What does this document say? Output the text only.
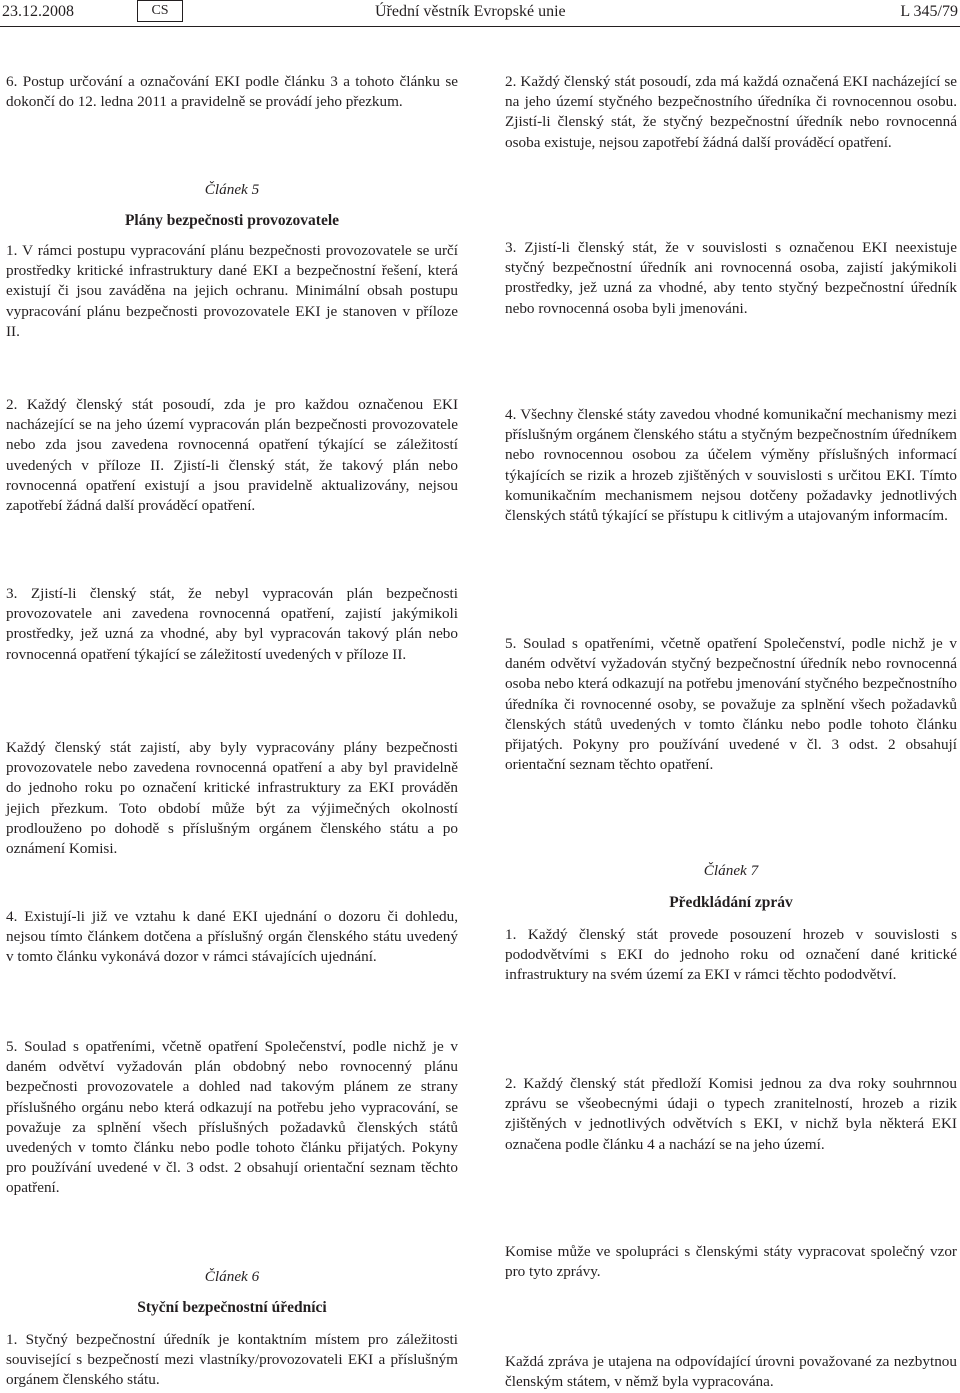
23.12.2008	CS	Úřední věstník Evropské unie	L 345/79

6. Postup určování a označování EKI podle článku 3 a tohoto článku se dokončí do 12. ledna 2011 a pravidelně se provádí jeho přezkum.

Článek 5

Plány bezpečnosti provozovatele

1. V rámci postupu vypracování plánu bezpečnosti provozovatele se určí prostředky kritické infrastruktury dané EKI a bezpečnostní řešení, která existují či jsou zaváděna na jejich ochranu. Minimální obsah postupu vypracování plánu bezpečnosti provozovatele EKI je stanoven v příloze II.

2. Každý členský stát posoudí, zda je pro každou označenou EKI nacházející se na jeho území vypracován plán bezpečnosti provozovatele nebo zda jsou zavedena rovnocenná opatření týkající se záležitostí uvedených v příloze II. Zjistí-li členský stát, že takový plán nebo rovnocenná opatření existují a jsou pravidelně aktualizovány, nejsou zapotřebí žádná další prováděcí opatření.

3. Zjistí-li členský stát, že nebyl vypracován plán bezpečnosti provozovatele ani zavedena rovnocenná opatření, zajistí jakýmikoli prostředky, jež uzná za vhodné, aby byl vypracován takový plán nebo rovnocenná opatření týkající se záležitostí uvedených v příloze II.

Každý členský stát zajistí, aby byly vypracovány plány bezpečnosti provozovatele nebo zavedena rovnocenná opatření a aby byl pravidelně do jednoho roku po označení kritické infrastruktury za EKI prováděn jejich přezkum. Toto období může být za výjimečných okolností prodlouženo po dohodě s příslušným orgánem členského státu a po oznámení Komisi.

4. Existují-li již ve vztahu k dané EKI ujednání o dozoru či dohledu, nejsou tímto článkem dotčena a příslušný orgán členského státu uvedený v tomto článku vykonává dozor v rámci stávajících ujednání.

5. Soulad s opatřeními, včetně opatření Společenství, podle nichž je v daném odvětví vyžadován plán obdobný nebo rovnocenný plánu bezpečnosti provozovatele a dohled nad takovým plánem ze strany příslušného orgánu nebo která odkazují na potřebu jeho vypracování, se považuje za splnění všech příslušných požadavků členských států uvedených v tomto článku nebo podle tohoto článku přijatých. Pokyny pro používání uvedené v čl. 3 odst. 2 obsahují orientační seznam těchto opatření.

Článek 6

Styční bezpečnostní úředníci

1. Styčný bezpečnostní úředník je kontaktním místem pro záležitosti související s bezpečností mezi vlastníky/provozovateli EKI a příslušným orgánem členského státu.

2. Každý členský stát posoudí, zda má každá označená EKI nacházející se na jeho území styčného bezpečnostního úředníka či rovnocennou osobu. Zjistí-li členský stát, že styčný bezpečnostní úředník nebo rovnocenná osoba existuje, nejsou zapotřebí žádná další prováděcí opatření.

3. Zjistí-li členský stát, že v souvislosti s označenou EKI neexistuje styčný bezpečnostní úředník ani rovnocenná osoba, zajistí jakýmikoli prostředky, jež uzná za vhodné, aby tento styčný bezpečnostní úředník nebo rovnocenná osoba byli jmenováni.

4. Všechny členské státy zavedou vhodné komunikační mechanismy mezi příslušným orgánem členského státu a styčným bezpečnostním úředníkem nebo rovnocennou osobou za účelem výměny příslušných informací týkajících se rizik a hrozeb zjištěných v souvislosti s určitou EKI. Tímto komunikačním mechanismem nejsou dotčeny požadavky jednotlivých členských států týkající se přístupu k citlivým a utajovaným informacím.

5. Soulad s opatřeními, včetně opatření Společenství, podle nichž je v daném odvětví vyžadován styčný bezpečnostní úředník nebo rovnocenná osoba nebo která odkazují na potřebu jmenování styčného bezpečnostního úředníka či rovnocenné osoby, se považuje za splnění všech požadavků členských států uvedených v tomto článku nebo podle tohoto článku přijatých. Pokyny pro používání uvedené v čl. 3 odst. 2 obsahují orientační seznam těchto opatření.

Článek 7

Předkládání zpráv

1. Každý členský stát provede posouzení hrozeb v souvislosti s pododvětvími s EKI do jednoho roku od označení dané kritické infrastruktury na svém území za EKI v rámci těchto pododvětví.

2. Každý členský stát předloží Komisi jednou za dva roky souhrnnou zprávu se všeobecnými údaji o typech zranitelností, hrozeb a rizik zjištěných v jednotlivých odvětvích s EKI, v nichž byla některá EKI označena podle článku 4 a nachází se na jeho území.

Komise může ve spolupráci s členskými státy vypracovat společný vzor pro tyto zprávy.

Každá zpráva je utajena na odpovídající úrovni považované za nezbytnou členským státem, v němž byla vypracována.
